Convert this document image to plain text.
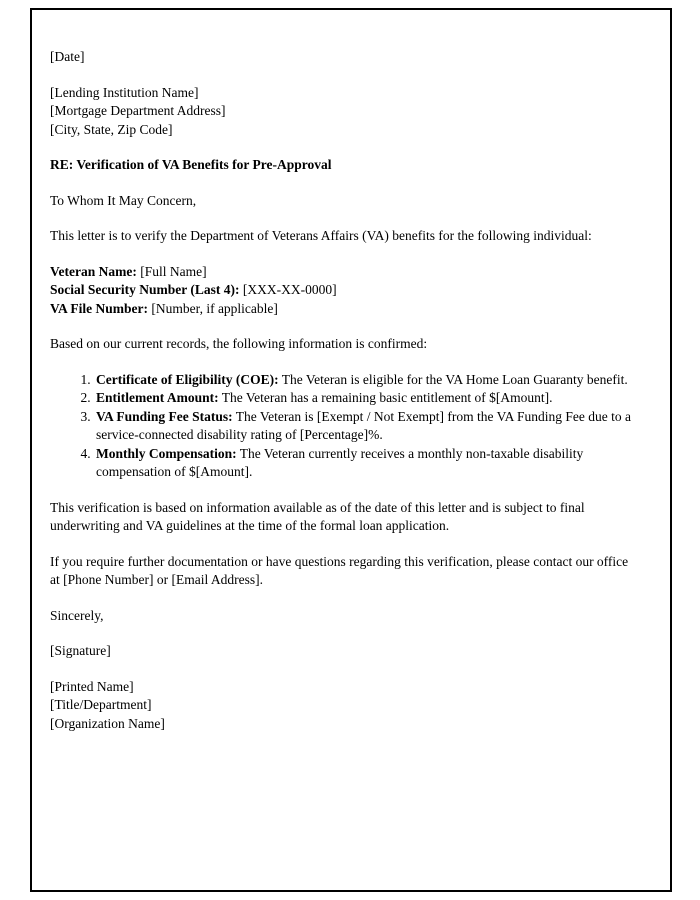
[Date]

[Lending Institution Name]
[Mortgage Department Address]
[City, State, Zip Code]

RE: Verification of VA Benefits for Pre-Approval

To Whom It May Concern,

This letter is to verify the Department of Veterans Affairs (VA) benefits for the following individual:

Veteran Name: [Full Name]
Social Security Number (Last 4): [XXX-XX-0000]
VA File Number: [Number, if applicable]

Based on our current records, the following information is confirmed:

1. Certificate of Eligibility (COE): The Veteran is eligible for the VA Home Loan Guaranty benefit.
2. Entitlement Amount: The Veteran has a remaining basic entitlement of $[Amount].
3. VA Funding Fee Status: The Veteran is [Exempt / Not Exempt] from the VA Funding Fee due to a service-connected disability rating of [Percentage]%.
4. Monthly Compensation: The Veteran currently receives a monthly non-taxable disability compensation of $[Amount].

This verification is based on information available as of the date of this letter and is subject to final underwriting and VA guidelines at the time of the formal loan application.

If you require further documentation or have questions regarding this verification, please contact our office at [Phone Number] or [Email Address].

Sincerely,

[Signature]

[Printed Name]
[Title/Department]
[Organization Name]
